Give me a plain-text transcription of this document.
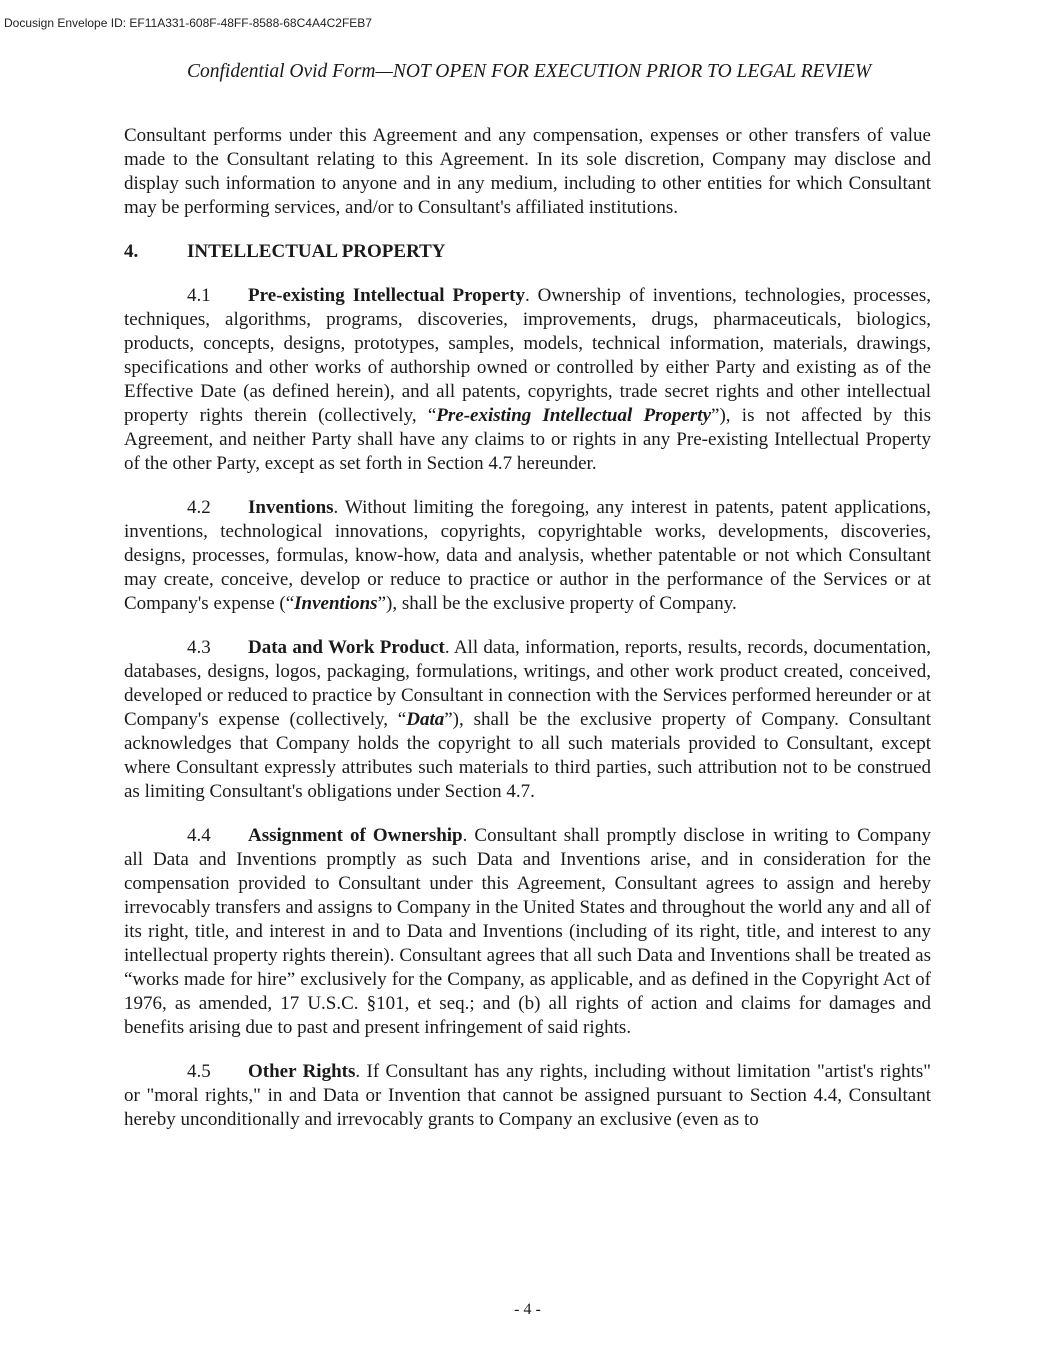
Docusign Envelope ID: EF11A331-608F-48FF-8588-68C4A4C2FEB7
Confidential Ovid Form—NOT OPEN FOR EXECUTION PRIOR TO LEGAL REVIEW

Consultant performs under this Agreement and any compensation, expenses or other transfers of value made to the Consultant relating to this Agreement. In its sole discretion, Company may disclose and display such information to anyone and in any medium, including to other entities for which Consultant may be performing services, and/or to Consultant's affiliated institutions.

4.	INTELLECTUAL PROPERTY

4.1 Pre-existing Intellectual Property. Ownership of inventions, technologies, processes, techniques, algorithms, programs, discoveries, improvements, drugs, pharmaceuticals, biologics, products, concepts, designs, prototypes, samples, models, technical information, materials, drawings, specifications and other works of authorship owned or controlled by either Party and existing as of the Effective Date (as defined herein), and all patents, copyrights, trade secret rights and other intellectual property rights therein (collectively, “Pre-existing Intellectual Property”), is not affected by this Agreement, and neither Party shall have any claims to or rights in any Pre-existing Intellectual Property of the other Party, except as set forth in Section 4.7 hereunder.

4.2 Inventions. Without limiting the foregoing, any interest in patents, patent applications, inventions, technological innovations, copyrights, copyrightable works, developments, discoveries, designs, processes, formulas, know-how, data and analysis, whether patentable or not which Consultant may create, conceive, develop or reduce to practice or author in the performance of the Services or at Company's expense (“Inventions”), shall be the exclusive property of Company.

4.3 Data and Work Product. All data, information, reports, results, records, documentation, databases, designs, logos, packaging, formulations, writings, and other work product created, conceived, developed or reduced to practice by Consultant in connection with the Services performed hereunder or at Company's expense (collectively, “Data”), shall be the exclusive property of Company. Consultant acknowledges that Company holds the copyright to all such materials provided to Consultant, except where Consultant expressly attributes such materials to third parties, such attribution not to be construed as limiting Consultant's obligations under Section 4.7.

4.4 Assignment of Ownership. Consultant shall promptly disclose in writing to Company all Data and Inventions promptly as such Data and Inventions arise, and in consideration for the compensation provided to Consultant under this Agreement, Consultant agrees to assign and hereby irrevocably transfers and assigns to Company in the United States and throughout the world any and all of its right, title, and interest in and to Data and Inventions (including of its right, title, and interest to any intellectual property rights therein). Consultant agrees that all such Data and Inventions shall be treated as “works made for hire” exclusively for the Company, as applicable, and as defined in the Copyright Act of 1976, as amended, 17 U.S.C. §101, et seq.; and (b) all rights of action and claims for damages and benefits arising due to past and present infringement of said rights.

4.5 Other Rights. If Consultant has any rights, including without limitation "artist's rights" or "moral rights," in and Data or Invention that cannot be assigned pursuant to Section 4.4, Consultant hereby unconditionally and irrevocably grants to Company an exclusive (even as to

- 4 -
